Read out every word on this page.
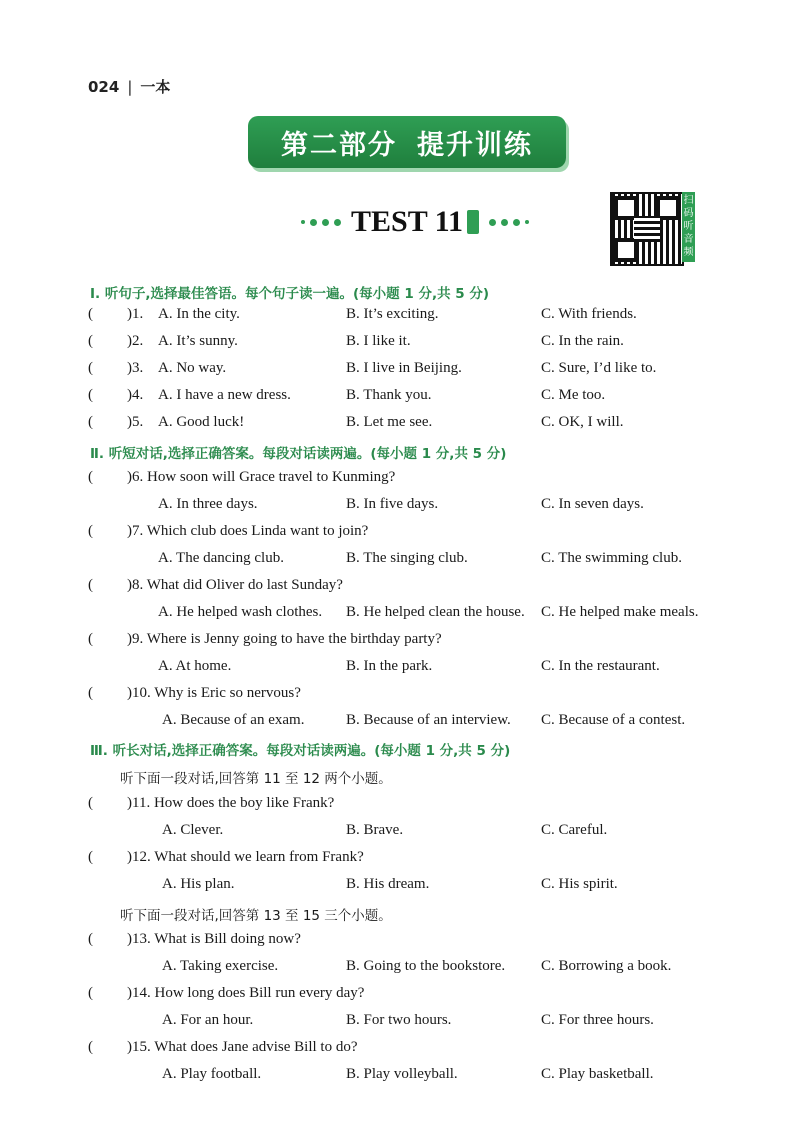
024 | 一本
第二部分 提升训练
TEST 11
扫码听音频
Ⅰ. 听句子,选择最佳答语。每个句子读一遍。(每小题 1 分,共 5 分)
( )1. A. In the city.	B. It’s exciting.	C. With friends.
( )2. A. It’s sunny.	B. I like it.	C. In the rain.
( )3. A. No way.	B. I live in Beijing.	C. Sure, I’d like to.
( )4. A. I have a new dress.	B. Thank you.	C. Me too.
( )5. A. Good luck!	B. Let me see.	C. OK, I will.
Ⅱ. 听短对话,选择正确答案。每段对话读两遍。(每小题 1 分,共 5 分)
( )6. How soon will Grace travel to Kunming?
A. In three days.	B. In five days.	C. In seven days.
( )7. Which club does Linda want to join?
A. The dancing club.	B. The singing club.	C. The swimming club.
( )8. What did Oliver do last Sunday?
A. He helped wash clothes. B. He helped clean the house. C. He helped make meals.
( )9. Where is Jenny going to have the birthday party?
A. At home.	B. In the park.	C. In the restaurant.
( )10. Why is Eric so nervous?
A. Because of an exam.	B. Because of an interview. C. Because of a contest.
Ⅲ. 听长对话,选择正确答案。每段对话读两遍。(每小题 1 分,共 5 分)
听下面一段对话,回答第 11 至 12 两个小题。
( )11. How does the boy like Frank?
A. Clever.	B. Brave.	C. Careful.
( )12. What should we learn from Frank?
A. His plan.	B. His dream.	C. His spirit.
听下面一段对话,回答第 13 至 15 三个小题。
( )13. What is Bill doing now?
A. Taking exercise.	B. Going to the bookstore. C. Borrowing a book.
( )14. How long does Bill run every day?
A. For an hour.	B. For two hours.	C. For three hours.
( )15. What does Jane advise Bill to do?
A. Play football.	B. Play volleyball.	C. Play basketball.
